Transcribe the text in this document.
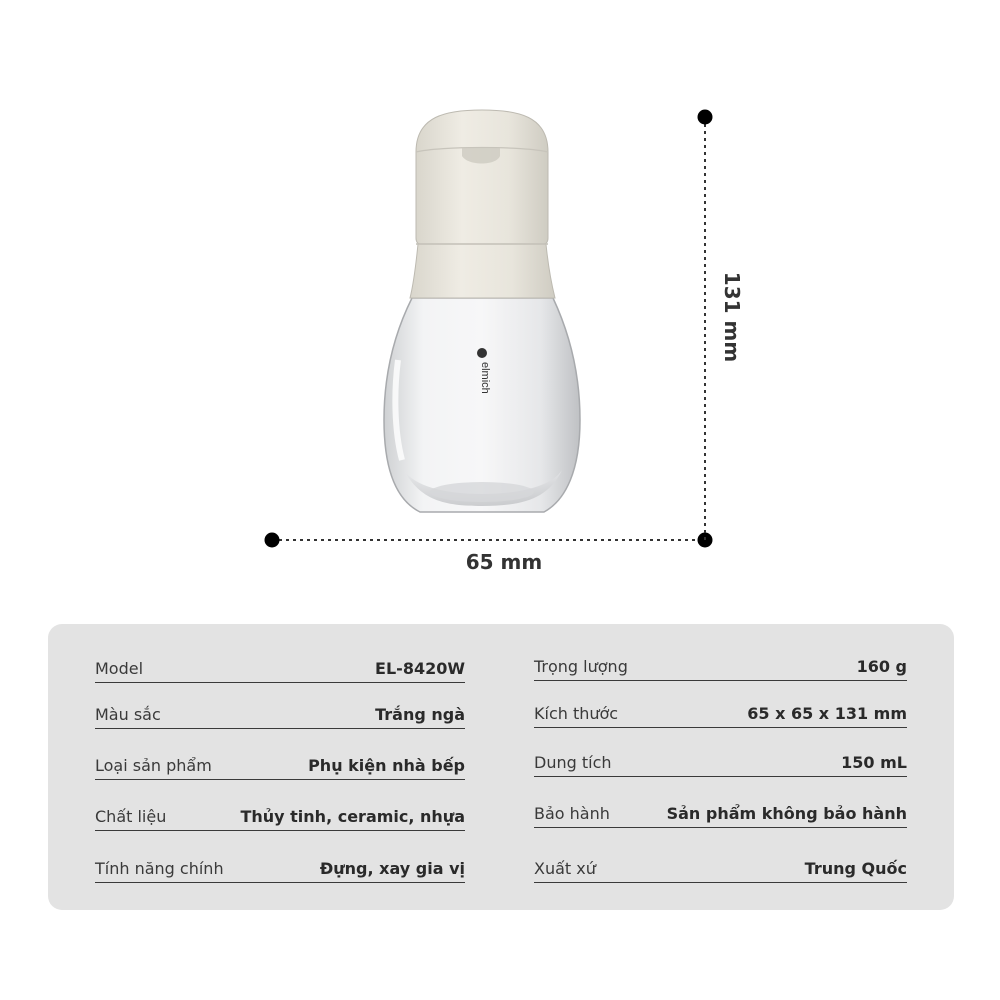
elmich
65 mm
131 mm
Model	EL-8420W
Màu sắc	Trắng ngà
Loại sản phẩm	Phụ kiện nhà bếp
Chất liệu	Thủy tinh, ceramic, nhựa
Tính năng chính	Đựng, xay gia vị
Trọng lượng	160 g
Kích thước	65 x 65 x 131 mm
Dung tích	150 mL
Bảo hành	Sản phẩm không bảo hành
Xuất xứ	Trung Quốc
